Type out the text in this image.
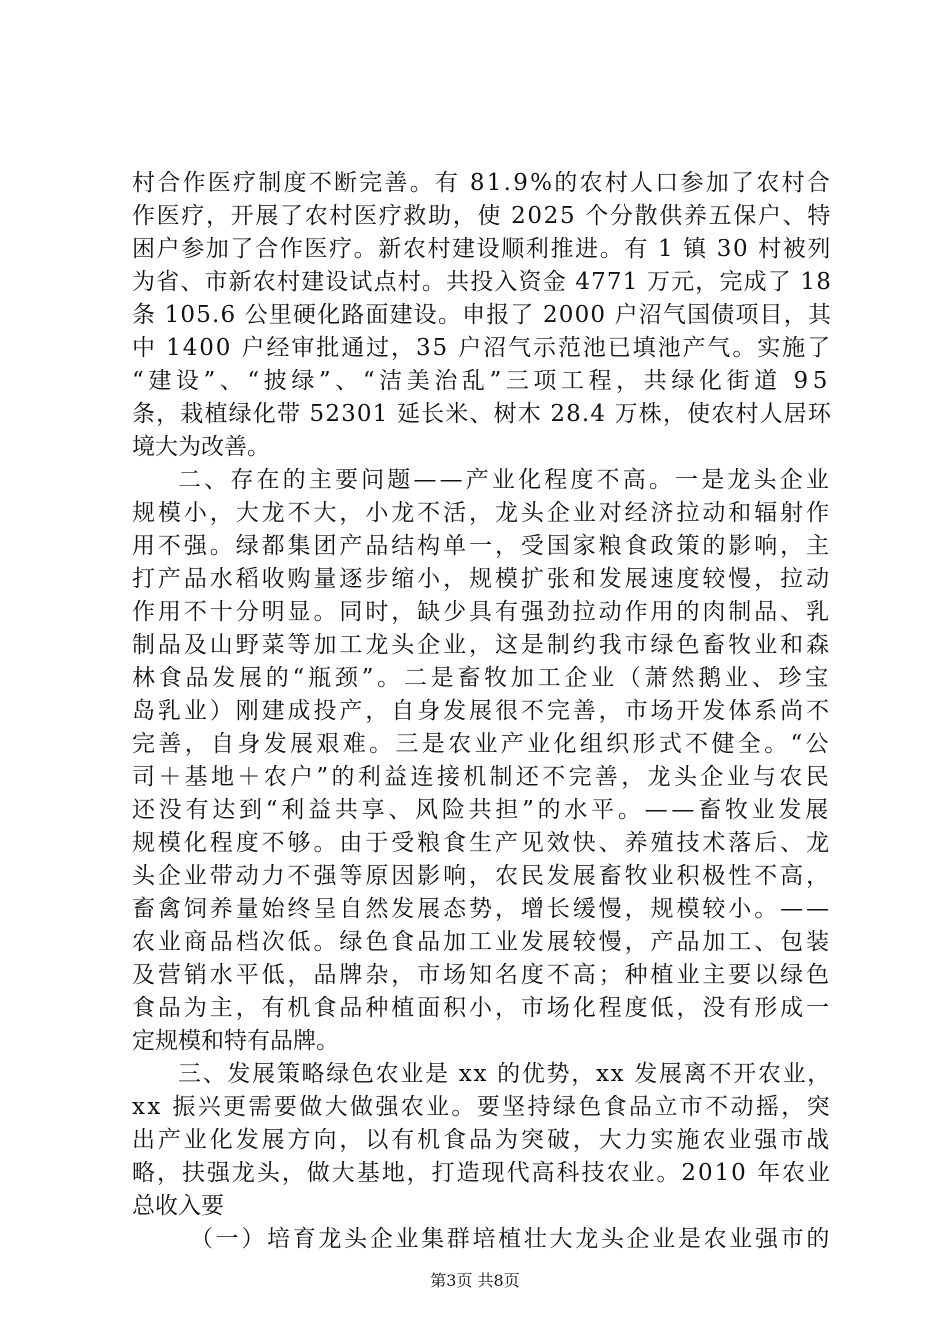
村合作医疗制度不断完善。有 81.9%的农村人口参加了农村合
作医疗，开展了农村医疗救助，使 2025 个分散供养五保户、特
困户参加了合作医疗。新农村建设顺利推进。有 1 镇 30 村被列
为省、市新农村建设试点村。共投入资金 4771 万元，完成了 18
条 105.6 公里硬化路面建设。申报了 2000 户沼气国债项目，其
中 1400 户经审批通过，35 户沼气示范池已填池产气。实施了
“建设”、“披绿”、“洁美治乱”三项工程，共绿化街道 95
条，栽植绿化带 52301 延长米、树木 28.4 万株，使农村人居环
境大为改善。
二、存在的主要问题——产业化程度不高。一是龙头企业
规模小，大龙不大，小龙不活，龙头企业对经济拉动和辐射作
用不强。绿都集团产品结构单一，受国家粮食政策的影响，主
打产品水稻收购量逐步缩小，规模扩张和发展速度较慢，拉动
作用不十分明显。同时，缺少具有强劲拉动作用的肉制品、乳
制品及山野菜等加工龙头企业，这是制约我市绿色畜牧业和森
林食品发展的“瓶颈”。二是畜牧加工企业（萧然鹅业、珍宝
岛乳业）刚建成投产，自身发展很不完善，市场开发体系尚不
完善，自身发展艰难。三是农业产业化组织形式不健全。“公
司＋基地＋农户”的利益连接机制还不完善，龙头企业与农民
还没有达到“利益共享、风险共担”的水平。——畜牧业发展
规模化程度不够。由于受粮食生产见效快、养殖技术落后、龙
头企业带动力不强等原因影响，农民发展畜牧业积极性不高，
畜禽饲养量始终呈自然发展态势，增长缓慢，规模较小。——
农业商品档次低。绿色食品加工业发展较慢，产品加工、包装
及营销水平低，品牌杂，市场知名度不高；种植业主要以绿色
食品为主，有机食品种植面积小，市场化程度低，没有形成一
定规模和特有品牌。
三、发展策略绿色农业是 xx 的优势，xx 发展离不开农业，
xx 振兴更需要做大做强农业。要坚持绿色食品立市不动摇，突
出产业化发展方向，以有机食品为突破，大力实施农业强市战
略，扶强龙头，做大基地，打造现代高科技农业。2010 年农业
总收入要
（一）培育龙头企业集群培植壮大龙头企业是农业强市的
第3页 共8页
